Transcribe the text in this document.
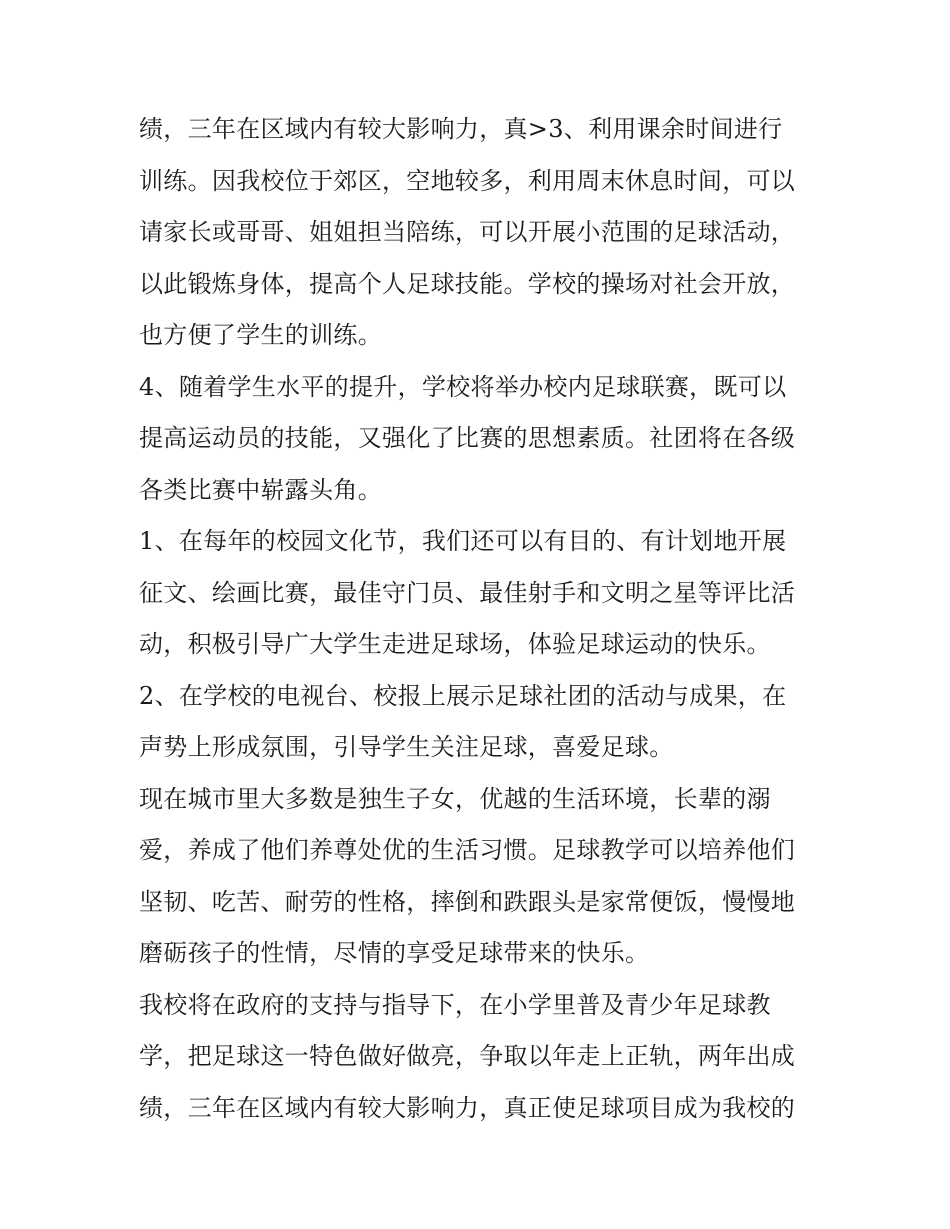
绩，三年在区域内有较大影响力，真>3、利用课余时间进行
训练。因我校位于郊区，空地较多，利用周末休息时间，可以
请家长或哥哥、姐姐担当陪练，可以开展小范围的足球活动，
以此锻炼身体，提高个人足球技能。学校的操场对社会开放，
也方便了学生的训练。
4、随着学生水平的提升，学校将举办校内足球联赛，既可以
提高运动员的技能，又强化了比赛的思想素质。社团将在各级
各类比赛中崭露头角。
1、在每年的校园文化节，我们还可以有目的、有计划地开展
征文、绘画比赛，最佳守门员、最佳射手和文明之星等评比活
动，积极引导广大学生走进足球场，体验足球运动的快乐。
2、在学校的电视台、校报上展示足球社团的活动与成果，在
声势上形成氛围，引导学生关注足球，喜爱足球。
现在城市里大多数是独生子女，优越的生活环境，长辈的溺
爱，养成了他们养尊处优的生活习惯。足球教学可以培养他们
坚韧、吃苦、耐劳的性格，摔倒和跌跟头是家常便饭，慢慢地
磨砺孩子的性情，尽情的享受足球带来的快乐。
我校将在政府的支持与指导下，在小学里普及青少年足球教
学，把足球这一特色做好做亮，争取以年走上正轨，两年出成
绩，三年在区域内有较大影响力，真正使足球项目成为我校的
